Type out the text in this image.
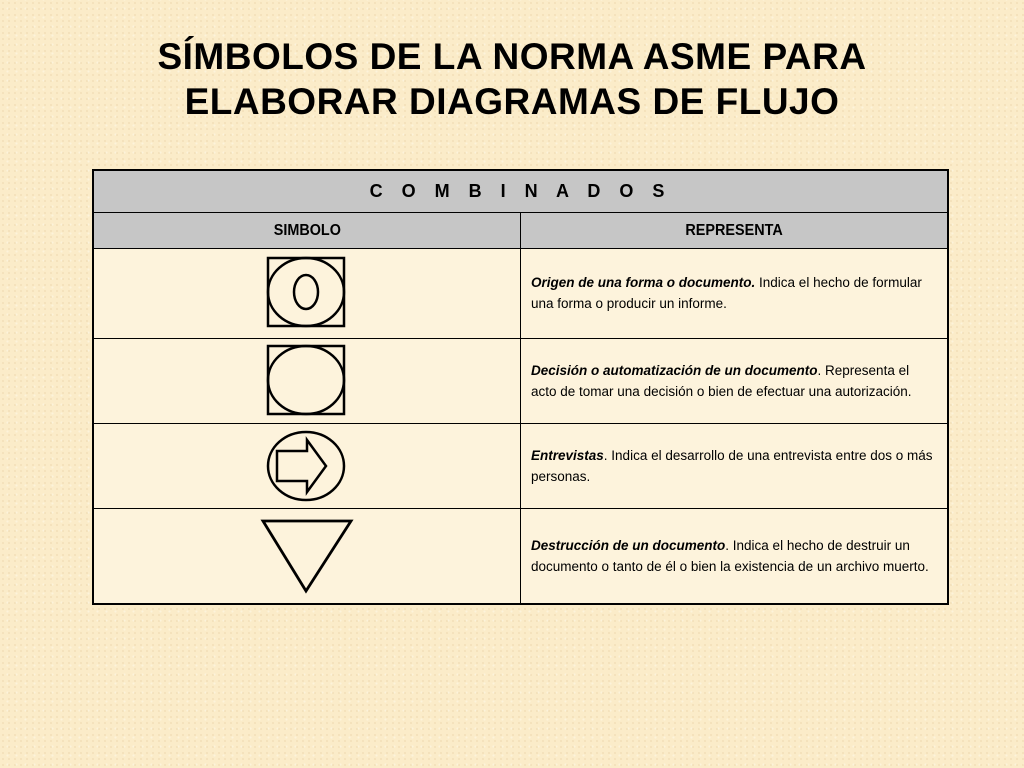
SÍMBOLOS DE LA NORMA ASME PARA
ELABORAR DIAGRAMAS DE FLUJO
C O M B I N A D O S	
SIMBOLO	REPRESENTA

	Origen de una forma o documento. Indica el hecho de formular una forma o producir un informe.

	Decisión o automatización de un documento. Representa el acto de tomar una decisión o bien de efectuar una autorización.

	Entrevistas. Indica el desarrollo de una entrevista entre dos o más personas.

	Destrucción de un documento. Indica el hecho de destruir un documento o tanto de él o bien la existencia de un archivo muerto.
